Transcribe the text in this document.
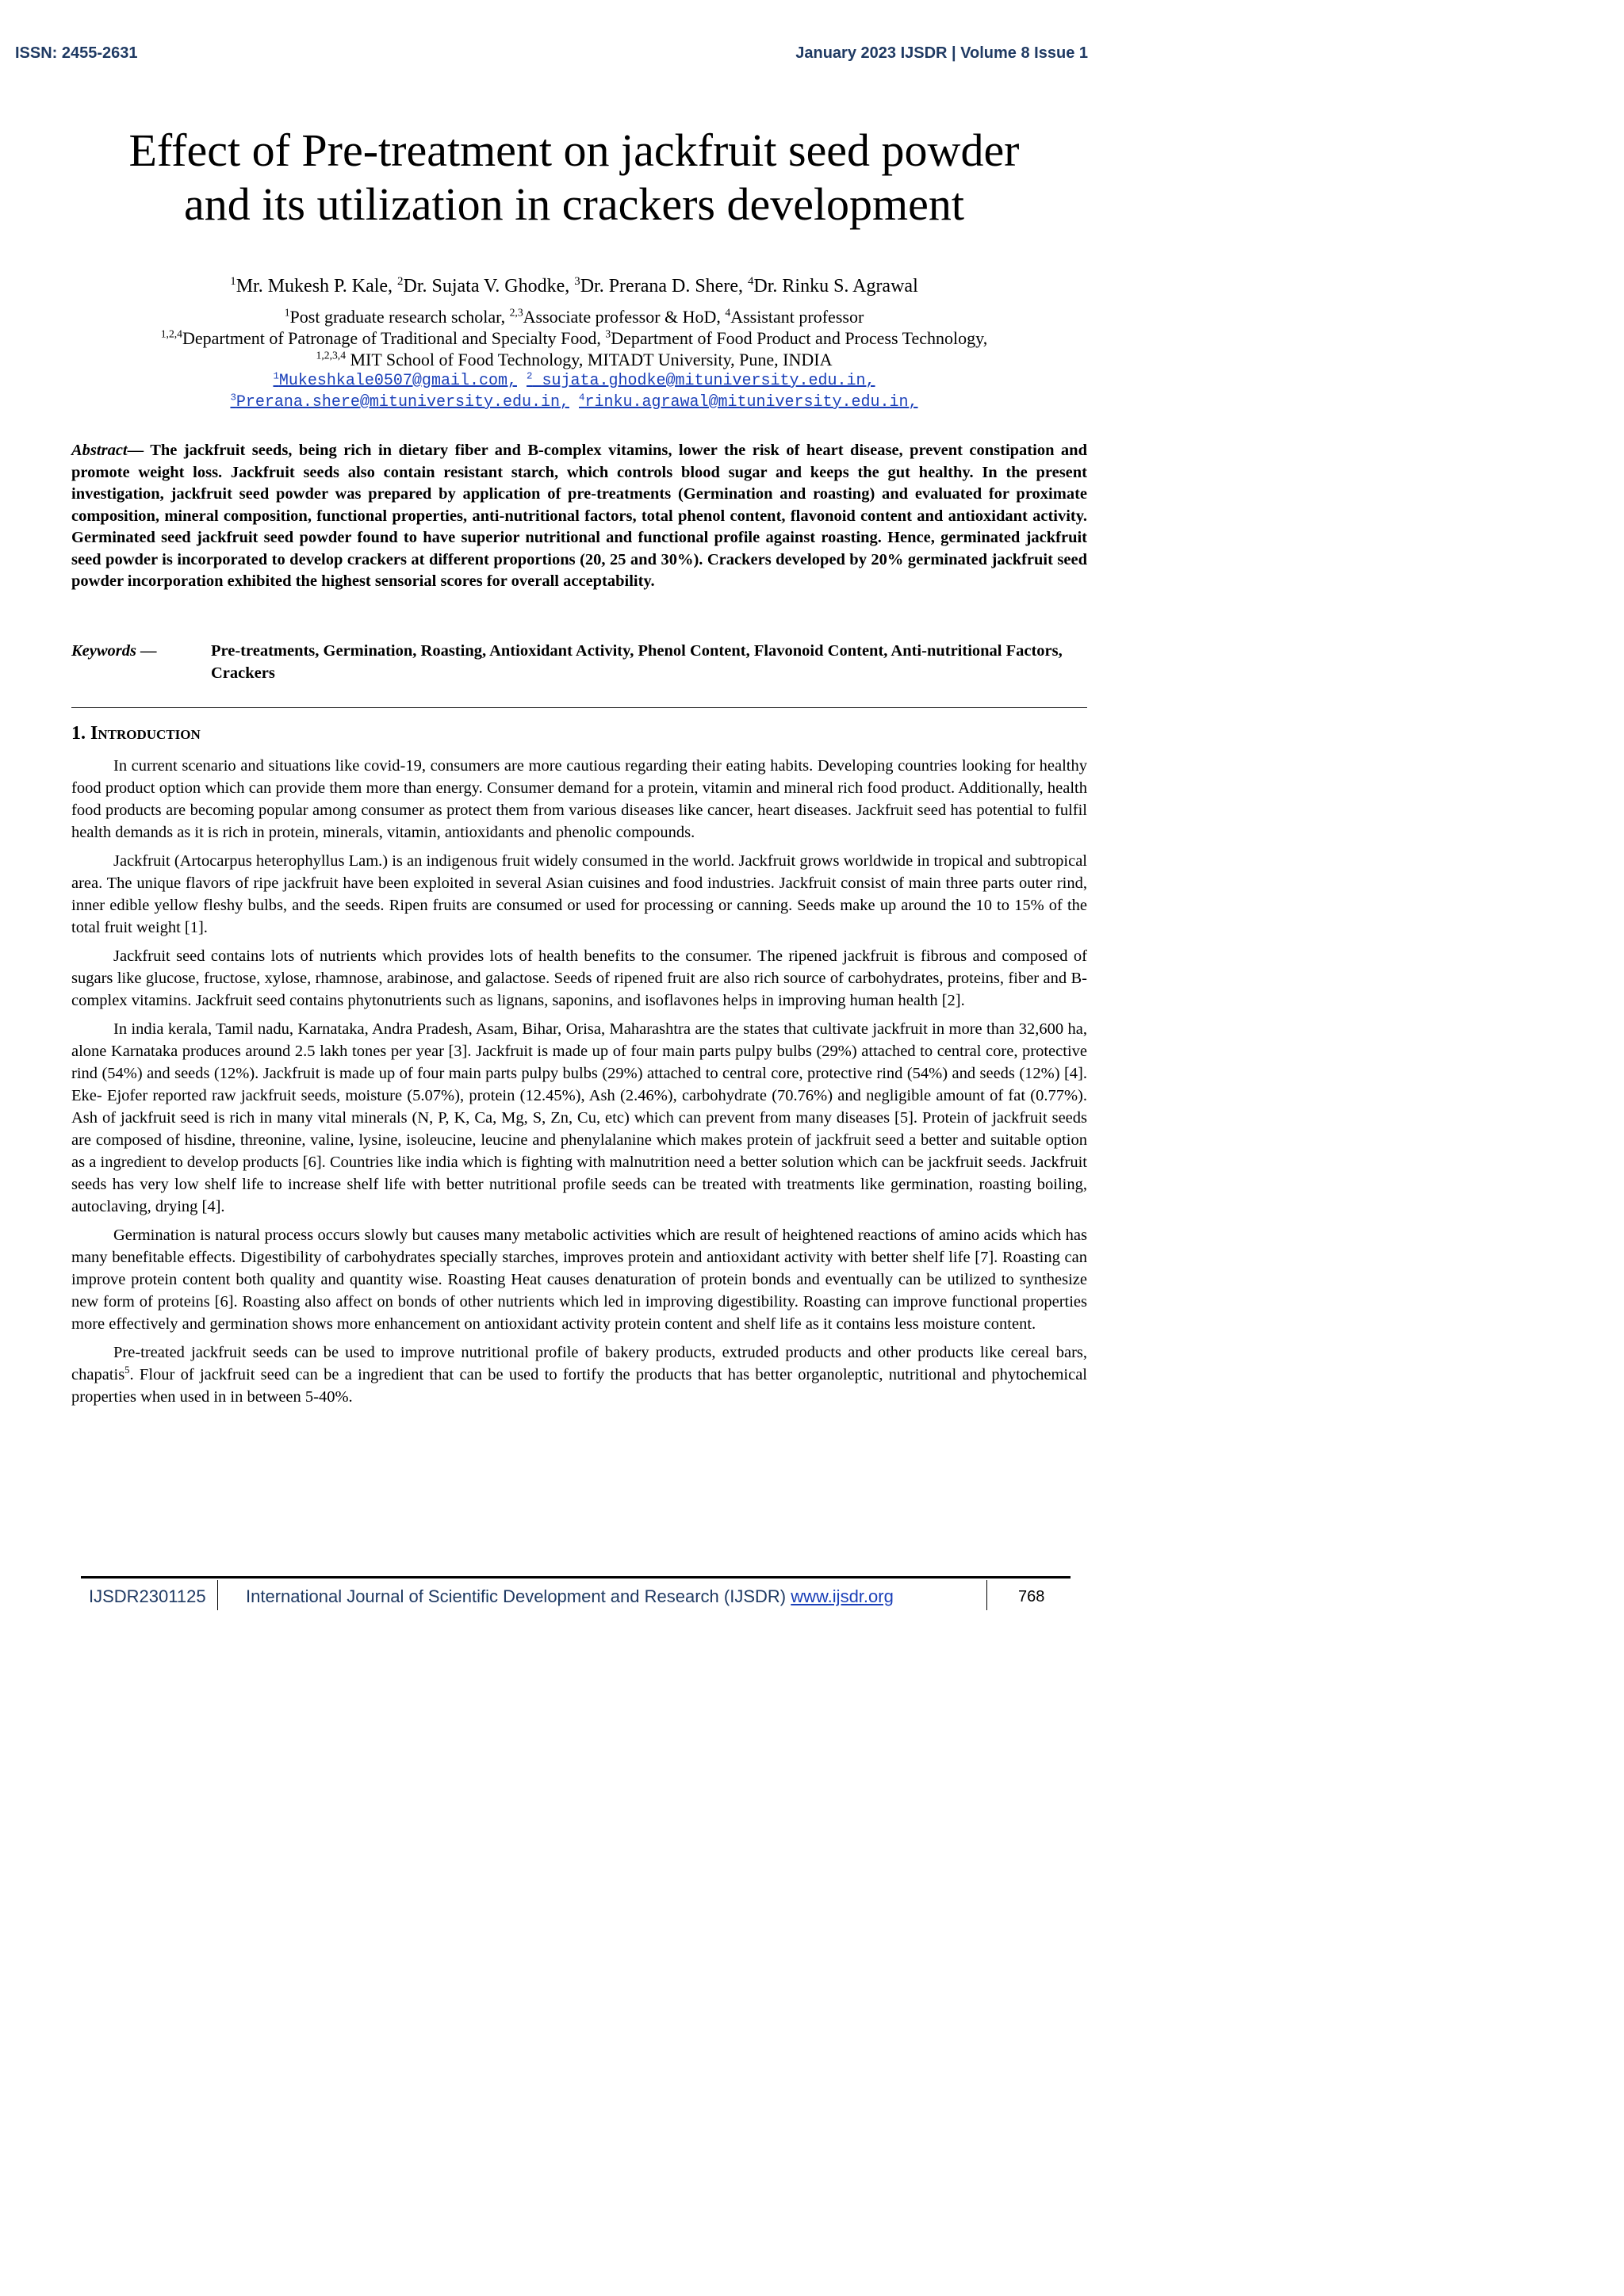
ISSN: 2455-2631	January 2023 IJSDR | Volume 8 Issue 1
Effect of Pre-treatment on jackfruit seed powder
and its utilization in crackers development
$^1$Mr. Mukesh P. Kale, $^2$Dr. Sujata V. Ghodke, $^3$Dr. Prerana D. Shere, $^4$Dr. Rinku S. Agrawal
$^1$Post graduate research scholar, $^{2,3}$Associate professor & HoD, $^4$Assistant professor
$^{1,2,4}$Department of Patronage of Traditional and Specialty Food, $^3$Department of Food Product and Process Technology,
$^{1,2,3,4}$ MIT School of Food Technology, MITADT University, Pune, INDIA
$^1$Mukeshkale0507@gmail.com, $^2$ sujata.ghodke@mituniversity.edu.in,
$^3$Prerana.shere@mituniversity.edu.in, $^4$rinku.agrawal@mituniversity.edu.in,
Abstract— The jackfruit seeds, being rich in dietary fiber and B-complex vitamins, lower the risk of heart disease, prevent constipation and promote weight loss. Jackfruit seeds also contain resistant starch, which controls blood sugar and keeps the gut healthy. In the present investigation, jackfruit seed powder was prepared by application of pre-treatments (Germination and roasting) and evaluated for proximate composition, mineral composition, functional properties, anti-nutritional factors, total phenol content, flavonoid content and antioxidant activity. Germinated seed jackfruit seed powder found to have superior nutritional and functional profile against roasting. Hence, germinated jackfruit seed powder is incorporated to develop crackers at different proportions (20, 25 and 30%). Crackers developed by 20% germinated jackfruit seed powder incorporation exhibited the highest sensorial scores for overall acceptability.
Keywords —	Pre-treatments, Germination, Roasting, Antioxidant Activity, Phenol Content, Flavonoid Content, Anti-nutritional Factors, Crackers
1. Introduction

In current scenario and situations like covid-19, consumers are more cautious regarding their eating habits. Developing countries looking for healthy food product option which can provide them more than energy. Consumer demand for a protein, vitamin and mineral rich food product. Additionally, health food products are becoming popular among consumer as protect them from various diseases like cancer, heart diseases. Jackfruit seed has potential to fulfil health demands as it is rich in protein, minerals, vitamin, antioxidants and phenolic compounds.

Jackfruit (Artocarpus heterophyllus Lam.) is an indigenous fruit widely consumed in the world. Jackfruit grows worldwide in tropical and subtropical area. The unique flavors of ripe jackfruit have been exploited in several Asian cuisines and food industries. Jackfruit consist of main three parts outer rind, inner edible yellow fleshy bulbs, and the seeds. Ripen fruits are consumed or used for processing or canning. Seeds make up around the 10 to 15% of the total fruit weight [1].

Jackfruit seed contains lots of nutrients which provides lots of health benefits to the consumer. The ripened jackfruit is fibrous and composed of sugars like glucose, fructose, xylose, rhamnose, arabinose, and galactose. Seeds of ripened fruit are also rich source of carbohydrates, proteins, fiber and B-complex vitamins. Jackfruit seed contains phytonutrients such as lignans, saponins, and isoflavones helps in improving human health [2].

In india kerala, Tamil nadu, Karnataka, Andra Pradesh, Asam, Bihar, Orisa, Maharashtra are the states that cultivate jackfruit in more than 32,600 ha, alone Karnataka produces around 2.5 lakh tones per year [3]. Jackfruit is made up of four main parts pulpy bulbs (29%) attached to central core, protective rind (54%) and seeds (12%). Jackfruit is made up of four main parts pulpy bulbs (29%) attached to central core, protective rind (54%) and seeds (12%) [4]. Eke- Ejofer reported raw jackfruit seeds, moisture (5.07%), protein (12.45%), Ash (2.46%), carbohydrate (70.76%) and negligible amount of fat (0.77%). Ash of jackfruit seed is rich in many vital minerals (N, P, K, Ca, Mg, S, Zn, Cu, etc) which can prevent from many diseases [5]. Protein of jackfruit seeds are composed of hisdine, threonine, valine, lysine, isoleucine, leucine and phenylalanine which makes protein of jackfruit seed a better and suitable option as a ingredient to develop products [6]. Countries like india which is fighting with malnutrition need a better solution which can be jackfruit seeds. Jackfruit seeds has very low shelf life to increase shelf life with better nutritional profile seeds can be treated with treatments like germination, roasting boiling, autoclaving, drying [4].

Germination is natural process occurs slowly but causes many metabolic activities which are result of heightened reactions of amino acids which has many benefitable effects. Digestibility of carbohydrates specially starches, improves protein and antioxidant activity with better shelf life [7]. Roasting can improve protein content both quality and quantity wise. Roasting Heat causes denaturation of protein bonds and eventually can be utilized to synthesize new form of proteins [6]. Roasting also affect on bonds of other nutrients which led in improving digestibility. Roasting can improve functional properties more effectively and germination shows more enhancement on antioxidant activity protein content and shelf life as it contains less moisture content.

Pre-treated jackfruit seeds can be used to improve nutritional profile of bakery products, extruded products and other products like cereal bars, chapatis$^5$. Flour of jackfruit seed can be a ingredient that can be used to fortify the products that has better organoleptic, nutritional and phytochemical properties when used in in between 5-40%.

IJSDR2301125 International Journal of Scientific Development and Research (IJSDR) www.ijsdr.org	768
